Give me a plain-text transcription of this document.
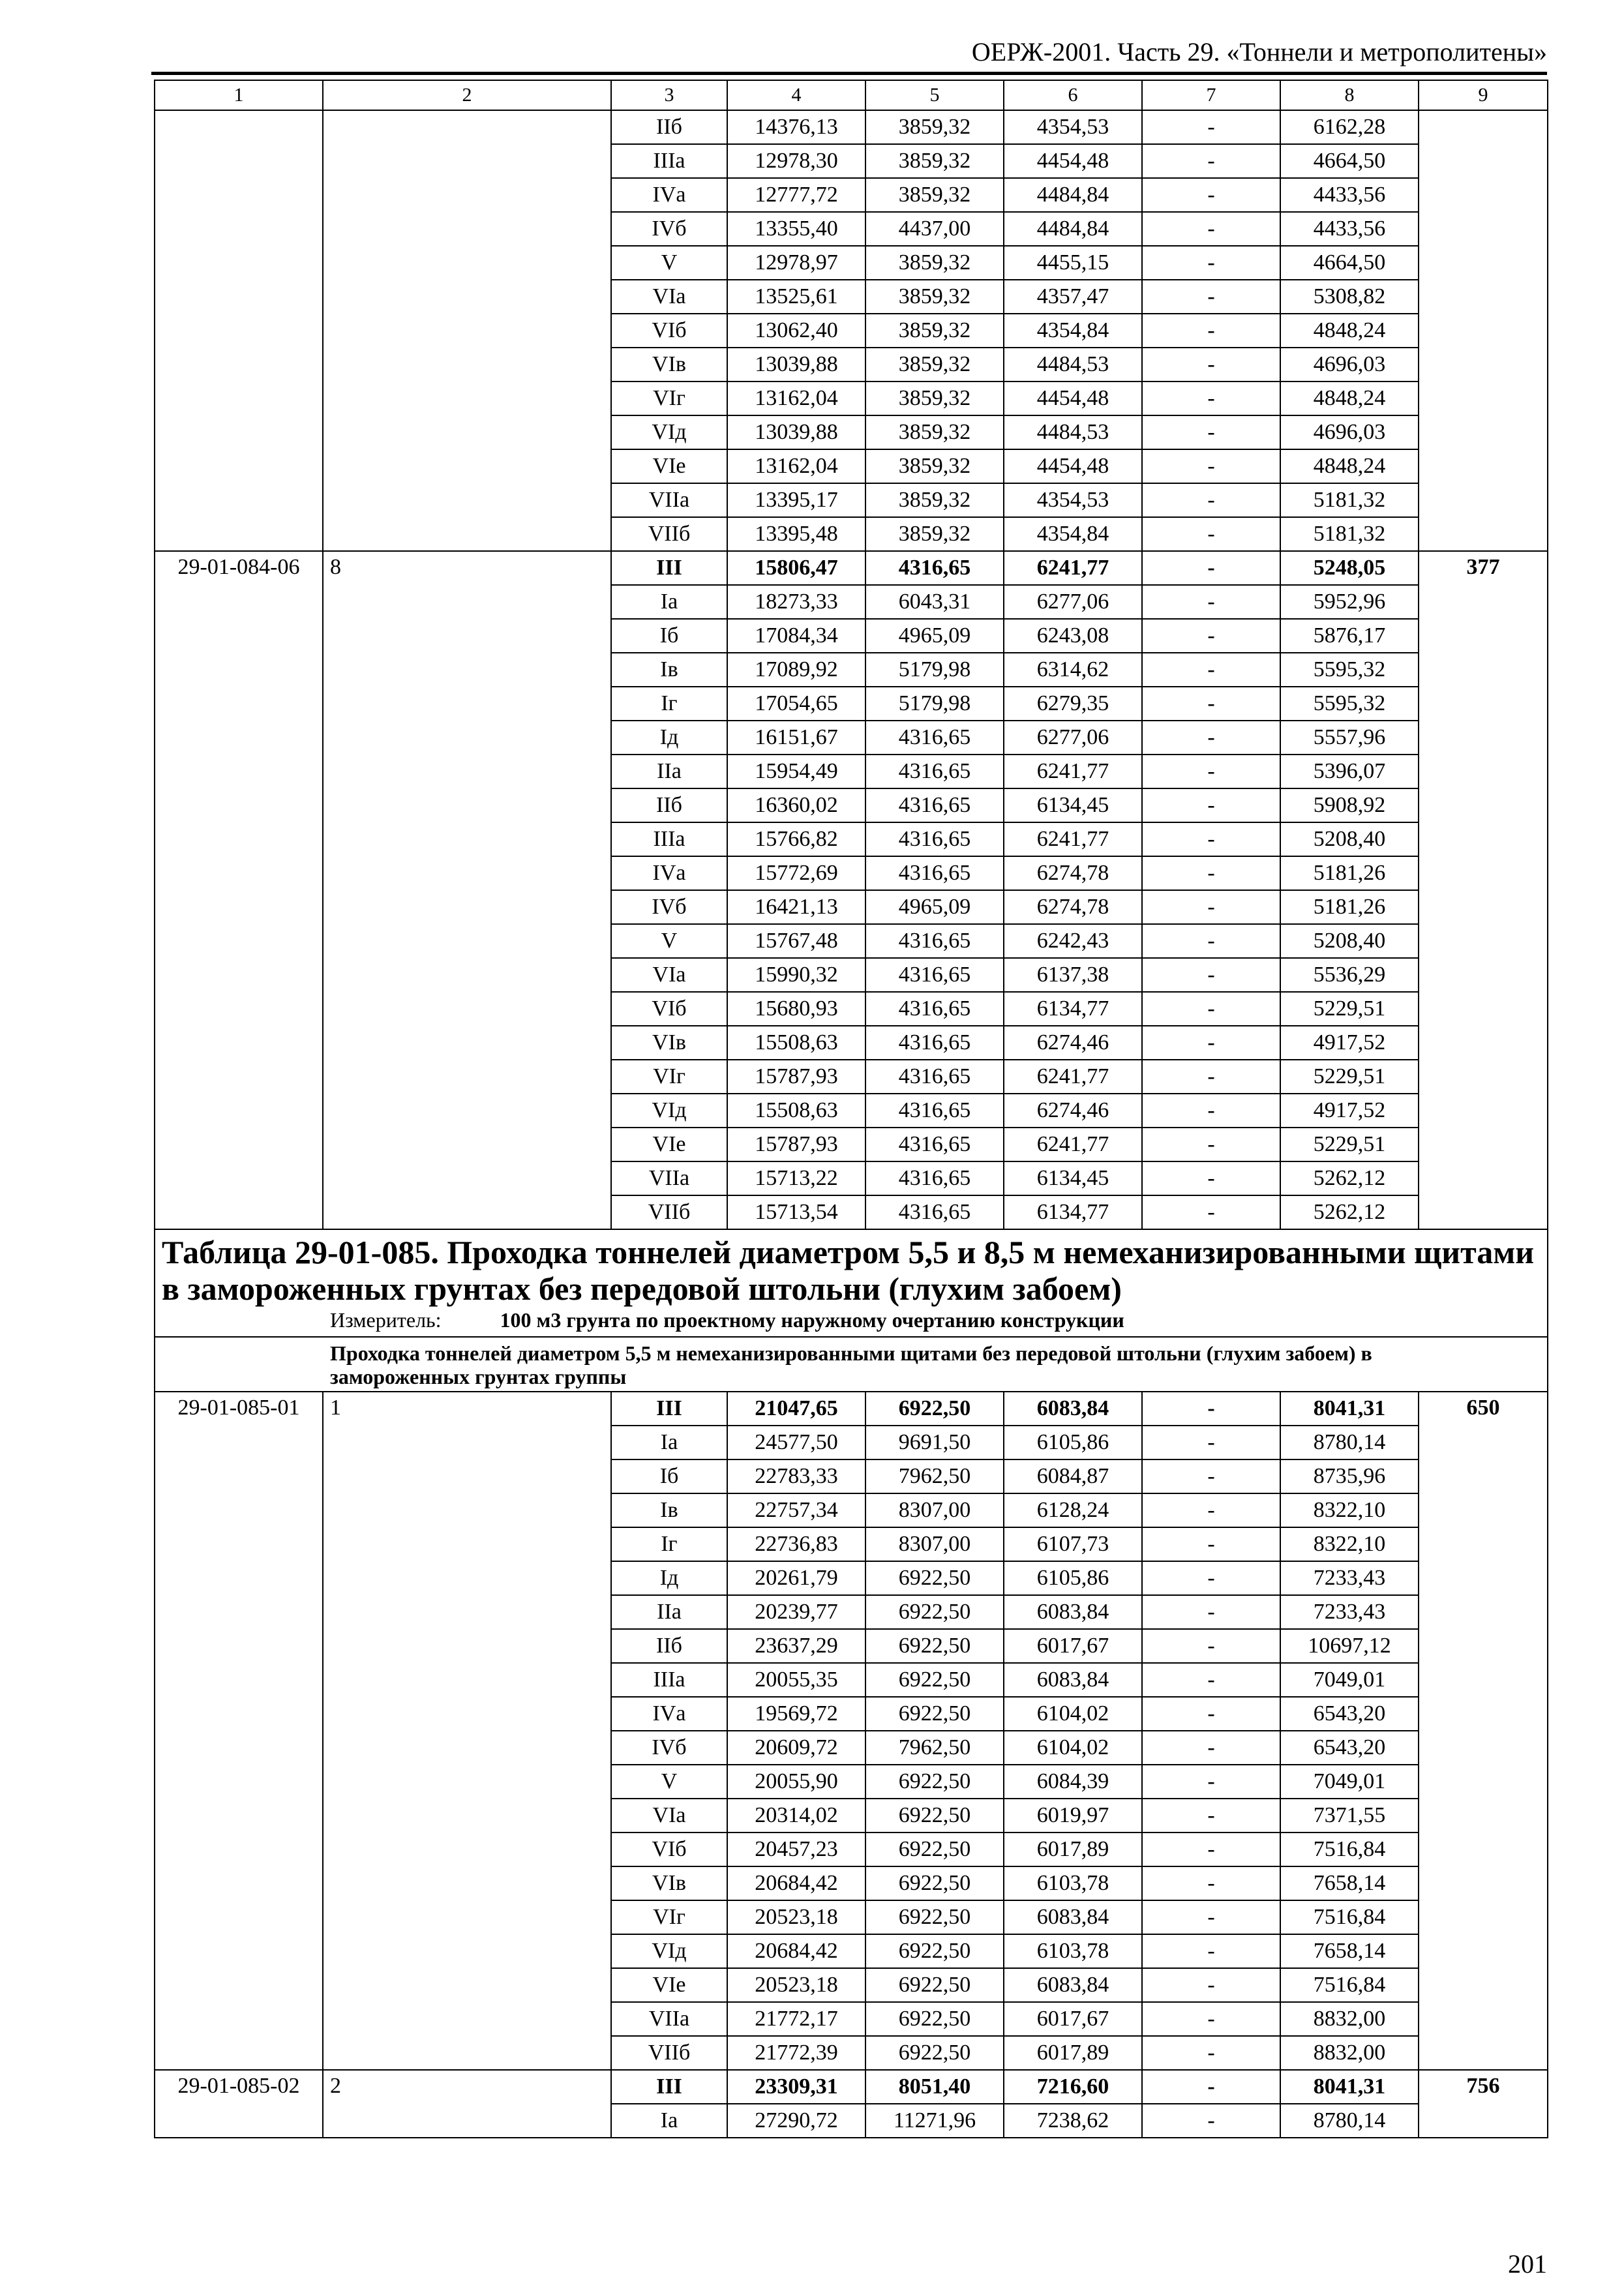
ОЕРЖ-2001. Часть 29. «Тоннели и метрополитены»
1	2	3	4	5	6	7	8	9
		IIб	14376,13	3859,32	4354,53	-	6162,28	
		IIIа	12978,30	3859,32	4454,48	-	4664,50	
		IVа	12777,72	3859,32	4484,84	-	4433,56	
		IVб	13355,40	4437,00	4484,84	-	4433,56	
		V	12978,97	3859,32	4455,15	-	4664,50	
		VIа	13525,61	3859,32	4357,47	-	5308,82	
		VIб	13062,40	3859,32	4354,84	-	4848,24	
		VIв	13039,88	3859,32	4484,53	-	4696,03	
		VIг	13162,04	3859,32	4454,48	-	4848,24	
		VIд	13039,88	3859,32	4484,53	-	4696,03	
		VIе	13162,04	3859,32	4454,48	-	4848,24	
		VIIа	13395,17	3859,32	4354,53	-	5181,32	
		VIIб	13395,48	3859,32	4354,84	-	5181,32	
29-01-084-06	8	III	15806,47	4316,65	6241,77	-	5248,05	377
		Iа	18273,33	6043,31	6277,06	-	5952,96	
		Iб	17084,34	4965,09	6243,08	-	5876,17	
		Iв	17089,92	5179,98	6314,62	-	5595,32	
		Iг	17054,65	5179,98	6279,35	-	5595,32	
		Iд	16151,67	4316,65	6277,06	-	5557,96	
		IIа	15954,49	4316,65	6241,77	-	5396,07	
		IIб	16360,02	4316,65	6134,45	-	5908,92	
		IIIа	15766,82	4316,65	6241,77	-	5208,40	
		IVа	15772,69	4316,65	6274,78	-	5181,26	
		IVб	16421,13	4965,09	6274,78	-	5181,26	
		V	15767,48	4316,65	6242,43	-	5208,40	
		VIа	15990,32	4316,65	6137,38	-	5536,29	
		VIб	15680,93	4316,65	6134,77	-	5229,51	
		VIв	15508,63	4316,65	6274,46	-	4917,52	
		VIг	15787,93	4316,65	6241,77	-	5229,51	
		VIд	15508,63	4316,65	6274,46	-	4917,52	
		VIе	15787,93	4316,65	6241,77	-	5229,51	
		VIIа	15713,22	4316,65	6134,45	-	5262,12	
		VIIб	15713,54	4316,65	6134,77	-	5262,12	

Таблица 29-01-085. Проходка тоннелей диаметром 5,5 и 8,5 м немеханизированными щитами в замороженных грунтах без передовой штольни (глухим забоем)
Измеритель: 100 м3 грунта по проектному наружному очертанию конструкции								

Проходка тоннелей диаметром 5,5 м немеханизированными щитами без передовой штольни (глухим забоем) в замороженных грунтах группы								
29-01-085-01	1	III	21047,65	6922,50	6083,84	-	8041,31	650
		Iа	24577,50	9691,50	6105,86	-	8780,14	
		Iб	22783,33	7962,50	6084,87	-	8735,96	
		Iв	22757,34	8307,00	6128,24	-	8322,10	
		Iг	22736,83	8307,00	6107,73	-	8322,10	
		Iд	20261,79	6922,50	6105,86	-	7233,43	
		IIа	20239,77	6922,50	6083,84	-	7233,43	
		IIб	23637,29	6922,50	6017,67	-	10697,12	
		IIIа	20055,35	6922,50	6083,84	-	7049,01	
		IVа	19569,72	6922,50	6104,02	-	6543,20	
		IVб	20609,72	7962,50	6104,02	-	6543,20	
		V	20055,90	6922,50	6084,39	-	7049,01	
		VIа	20314,02	6922,50	6019,97	-	7371,55	
		VIб	20457,23	6922,50	6017,89	-	7516,84	
		VIв	20684,42	6922,50	6103,78	-	7658,14	
		VIг	20523,18	6922,50	6083,84	-	7516,84	
		VIд	20684,42	6922,50	6103,78	-	7658,14	
		VIе	20523,18	6922,50	6083,84	-	7516,84	
		VIIа	21772,17	6922,50	6017,67	-	8832,00	
		VIIб	21772,39	6922,50	6017,89	-	8832,00	
29-01-085-02	2	III	23309,31	8051,40	7216,60	-	8041,31	756
		Iа	27290,72	11271,96	7238,62	-	8780,14	
201
